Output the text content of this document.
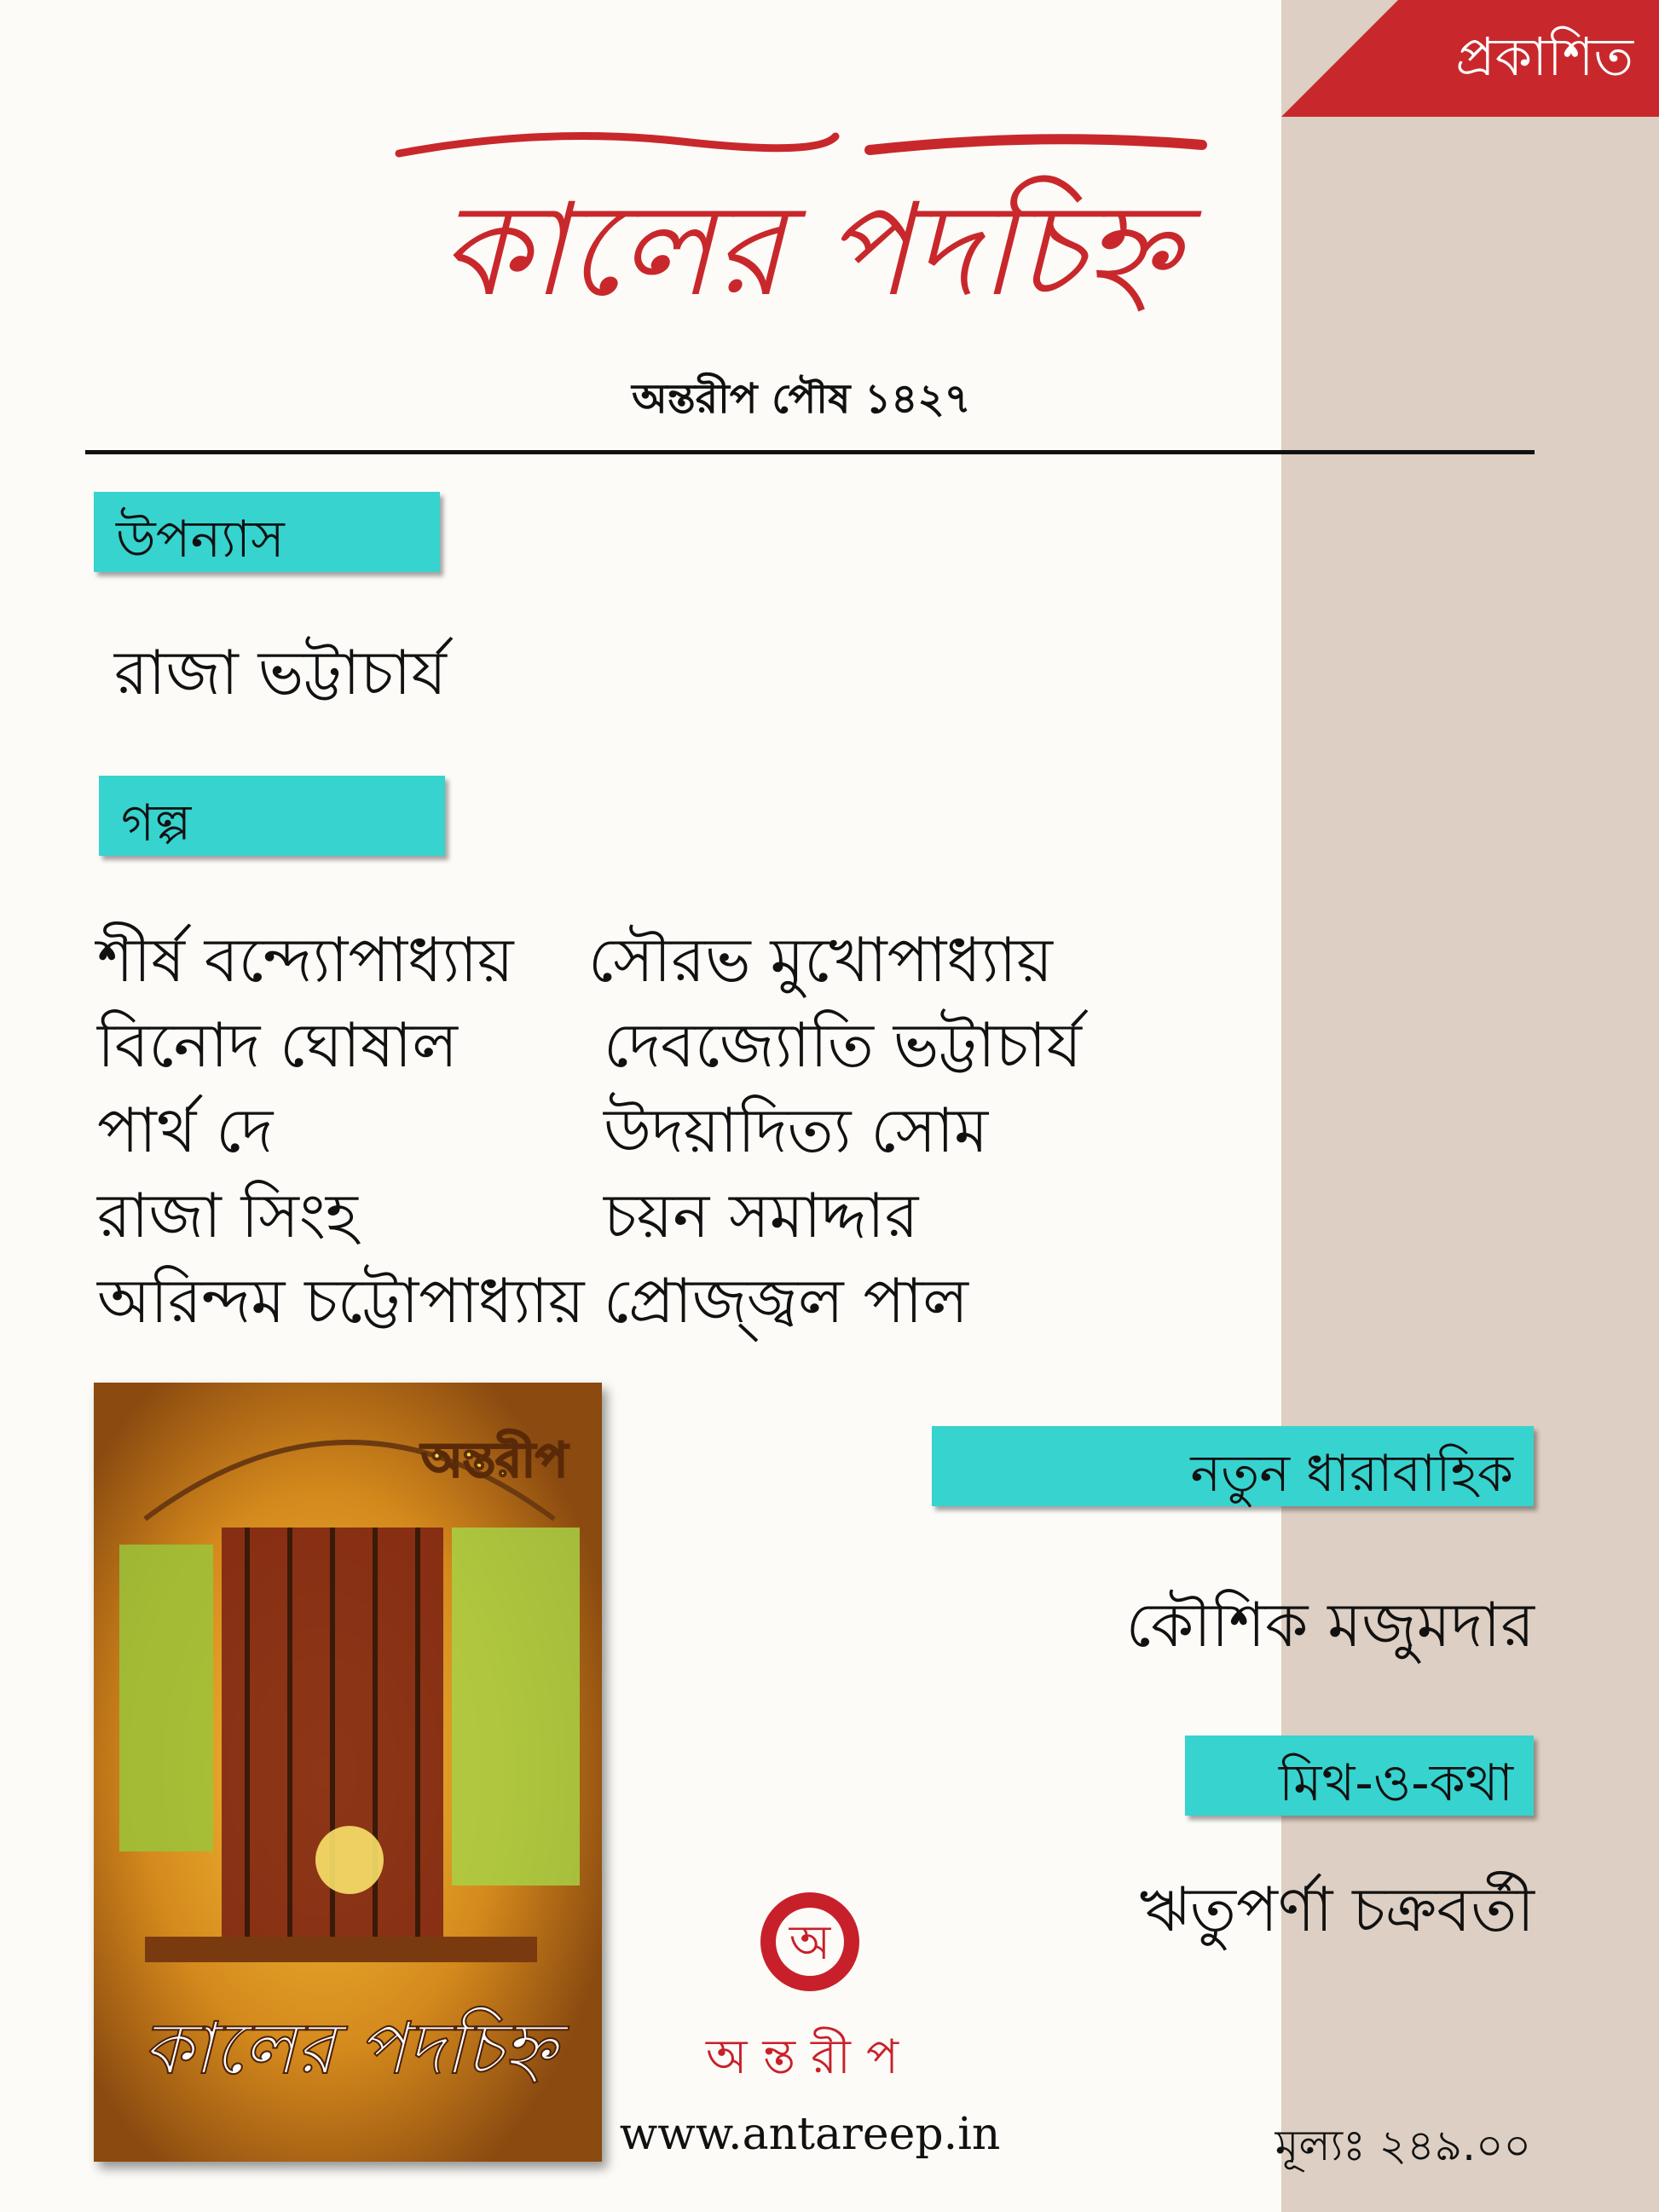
প্রকাশিত
কালের পদচিহ্ন
অন্তরীপ পৌষ ১৪২৭
উপন্যাস
রাজা ভট্টাচার্য
গল্প
শীর্ষ বন্দ্যোপাধ্যায়
বিনোদ ঘোষাল
পার্থ দে
রাজা সিংহ
অরিন্দম চট্টোপাধ্যায়
সৌরভ মুখোপাধ্যায়
দেবজ্যোতি ভট্টাচার্য
উদয়াদিত্য সোম
চয়ন সমাদ্দার
প্রোজ্জ্বল পাল
অন্তরীপ
কালের পদচিহ্ন
নতুন ধারাবাহিক
কৌশিক মজুমদার
মিথ-ও-কথা
ঋতুপর্ণা চক্রবর্তী
অ
অন্তরীপ
www.antareep.in	মূল্যঃ ২৪৯.০০
